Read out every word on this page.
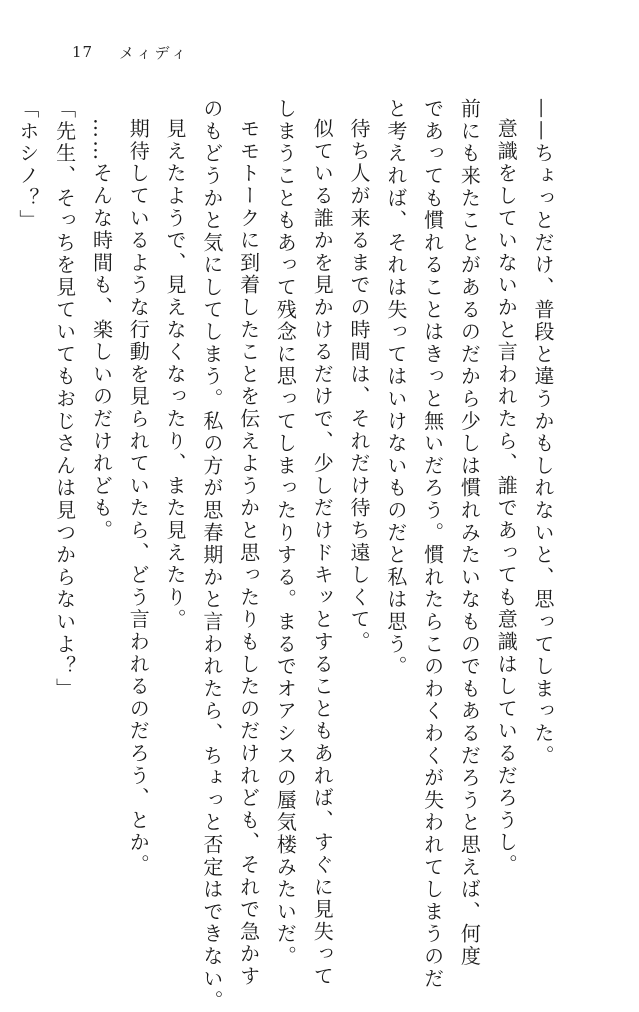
17 メィディ

——ちょっとだけ、普段と違うかもしれないと、思ってしまった。

意識をしていないかと言われたら、誰であっても意識はしているだろうし。

前にも来たことがあるのだから少しは慣れみたいなものでもあるだろうと思えば、何度

であっても慣れることはきっと無いだろう。慣れたらこのわくわくが失われてしまうのだ

と考えれば、それは失ってはいけないものだと私は思う。

待ち人が来るまでの時間は、それだけ待ち遠しくて。

似ている誰かを見かけるだけで、少しだけドキッとすることもあれば、すぐに見失って

しまうこともあって残念に思ってしまったりする。まるでオアシスの蜃気楼みたいだ。

モモトークに到着したことを伝えようかと思ったりもしたのだけれども、それで急かす

のもどうかと気にしてしまう。私の方が思春期かと言われたら、ちょっと否定はできない。

見えたようで、見えなくなったり、また見えたり。

期待しているような行動を見られていたら、どう言われるのだろう、とか。

……そんな時間も、楽しいのだけれども。

「先生、そっちを見ていてもおじさんは見つからないよ？」

「ホシノ？」
